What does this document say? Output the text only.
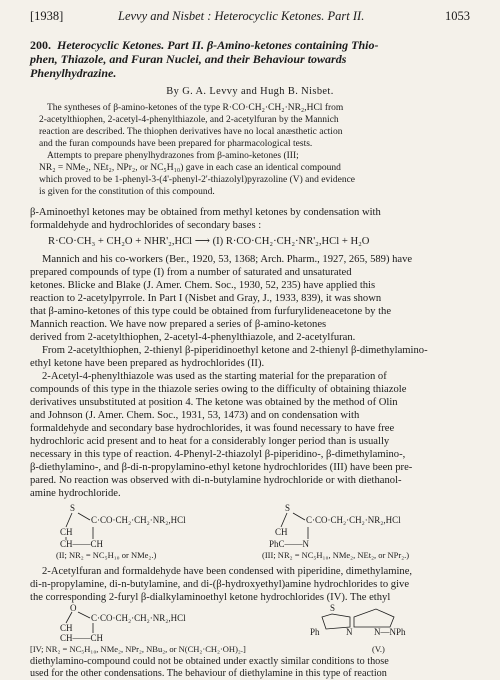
[1938]	Levvy and Nisbet : Heterocyclic Ketones. Part II.	1053
200. Heterocyclic Ketones. Part II. β-Amino-ketones containing Thio-
phen, Thiazole, and Furan Nuclei, and their Behaviour towards
Phenylhydrazine.
By G. A. Levvy and Hugh B. Nisbet.
The syntheses of β-amino-ketones of the type R·CO·CH₂·CH₂·NR₂,HCl from
2-acetylthiophen, 2-acetyl-4-phenylthiazole, and 2-acetylfuran by the Mannich
reaction are described. The thiophen derivatives have no local anæsthetic action
and the furan compounds have been prepared for pharmacological tests.
Attempts to prepare phenylhydrazones from β-amino-ketones (III;
NR₂ = NMe₂, NEt₂, NPr₂, or NC₅H₁₀) gave in each case an identical compound
which proved to be 1-phenyl-3-(4'-phenyl-2'-thiazolyl)pyrazoline (V) and evidence
is given for the constitution of this compound.
β-Aminoethyl ketones may be obtained from methyl ketones by condensation with
formaldehyde and hydrochlorides of secondary bases :
R·CO·CH₃ + CH₂O + NHR'₂,HCl ⟶ (I) R·CO·CH₂·CH₂·NR'₂,HCl + H₂O
Mannich and his co-workers (Ber., 1920, 53, 1368; Arch. Pharm., 1927, 265, 589) have
prepared compounds of type (I) from a number of saturated and unsaturated
ketones. Blicke and Blake (J. Amer. Chem. Soc., 1930, 52, 235) have applied this
reaction to 2-acetylpyrrole. In Part I (Nisbet and Gray, J., 1933, 839), it was shown
that β-amino-ketones of this type could be obtained from furfurylideneacetone by the
Mannich reaction. We have now prepared a series of β-amino-ketones
derived from 2-acetylthiophen, 2-acetyl-4-phenylthiazole, and 2-acetylfuran.
From 2-acetylthiophen, 2-thienyl β-piperidinoethyl ketone and 2-thienyl β-dimethylamino-
ethyl ketone have been prepared as hydrochlorides (II).
2-Acetyl-4-phenylthiazole was used as the starting material for the preparation of
compounds of this type in the thiazole series owing to the difficulty of obtaining thiazole
derivatives unsubstituted at position 4. The ketone was obtained by the method of Olin
and Johnson (J. Amer. Chem. Soc., 1931, 53, 1473) and on condensation with
formaldehyde and secondary base hydrochlorides, it was found necessary to have free
hydrochloric acid present and to heat for a considerably longer period than is usually
necessary in this type of reaction. 4-Phenyl-2-thiazolyl β-piperidino-, β-dimethylamino-,
β-diethylamino-, and β-di-n-propylamino-ethyl ketone hydrochlorides (III) have been pre-
pared. No reaction was observed with di-n-butylamine hydrochloride or with diethanol-
amine hydrochloride.
S
C·CO·CH₂·CH₂·NR₂,HCl
CH
CH——CH
(II; NR₂ = NC₅H₁₀ or NMe₂.)
S
C·CO·CH₂·CH₂·NR₂,HCl
CH
PhC——N
(III; NR₂ = NC₅H₁₀, NMe₂, NEt₂, or NPr₂.)
2-Acetylfuran and formaldehyde have been condensed with piperidine, dimethylamine,
di-n-propylamine, di-n-butylamine, and di-(β-hydroxyethyl)amine hydrochlorides to give
the corresponding 2-furyl β-dialkylaminoethyl ketone hydrochlorides (IV). The ethyl
O
C·CO·CH₂·CH₂·NR₂,HCl
CH
CH——CH
[IV; NR₂ = NC₅H₁₀, NMe₂, NPr₂, NBu₂, or N(CH₂·CH₂·OH)₂.]
S
Ph	N N—NPh
(V.)
diethylamino-compound could not be obtained under exactly similar conditions to those
used for the other condensations. The behaviour of diethylamine in this type of reaction
